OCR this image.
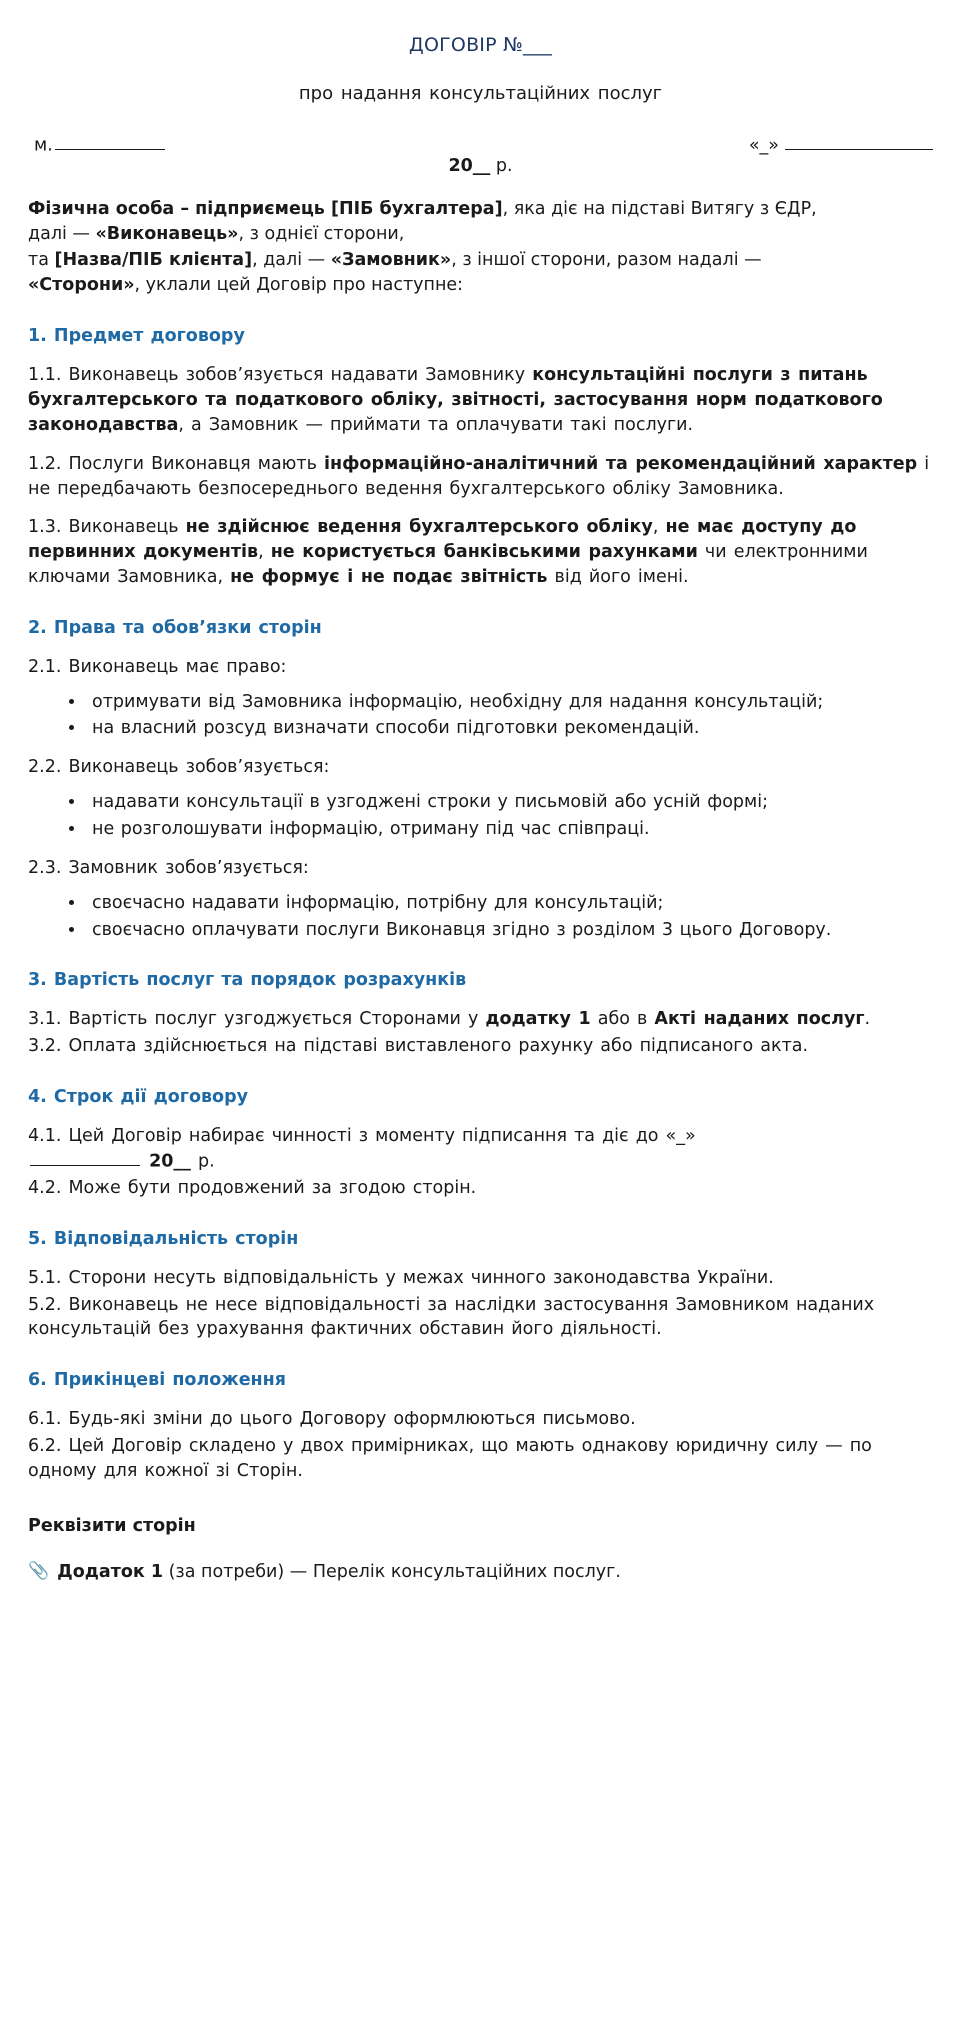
ДОГОВІР №___
про надання консультаційних послуг
м.	«_»
20__ р.
Фізична особа – підприємець [ПІБ бухгалтера], яка діє на підставі Витягу з ЄДР,
далі — «Виконавець», з однієї сторони,
та [Назва/ПІБ клієнта], далі — «Замовник», з іншої сторони, разом надалі —
«Сторони», уклали цей Договір про наступне:
1. Предмет договору

1.1. Виконавець зобов’язується надавати Замовнику консультаційні послуги з питань бухгалтерського та податкового обліку, звітності, застосування норм податкового законодавства, а Замовник — приймати та оплачувати такі послуги.

1.2. Послуги Виконавця мають інформаційно-аналітичний та рекомендаційний характер і не передбачають безпосереднього ведення бухгалтерського обліку Замовника.

1.3. Виконавець не здійснює ведення бухгалтерського обліку, не має доступу до первинних документів, не користується банківськими рахунками чи електронними ключами Замовника, не формує і не подає звітність від його імені.

2. Права та обов’язки сторін

2.1. Виконавець має право:

• отримувати від Замовника інформацію, необхідну для надання консультацій;
• на власний розсуд визначати способи підготовки рекомендацій.

2.2. Виконавець зобов’язується:

• надавати консультації в узгоджені строки у письмовій або усній формі;
• не розголошувати інформацію, отриману під час співпраці.

2.3. Замовник зобов’язується:

• своєчасно надавати інформацію, потрібну для консультацій;
• своєчасно оплачувати послуги Виконавця згідно з розділом 3 цього Договору.
3. Вартість послуг та порядок розрахунків

3.1. Вартість послуг узгоджується Сторонами у додатку 1 або в Акті наданих послуг.

3.2. Оплата здійснюється на підставі виставленого рахунку або підписаного акта.

4. Строк дії договору

4.1. Цей Договір набирає чинності з моменту підписання та діє до «_»
20__ р.

4.2. Може бути продовжений за згодою сторін.

5. Відповідальність сторін

5.1. Сторони несуть відповідальність у межах чинного законодавства України.

5.2. Виконавець не несе відповідальності за наслідки застосування Замовником наданих консультацій без урахування фактичних обставин його діяльності.

6. Прикінцеві положення

6.1. Будь-які зміни до цього Договору оформлюються письмово.

6.2. Цей Договір складено у двох примірниках, що мають однакову юридичну силу — по одному для кожної зі Сторін.

Реквізити сторін
📎 Додаток 1 (за потреби) — Перелік консультаційних послуг.
